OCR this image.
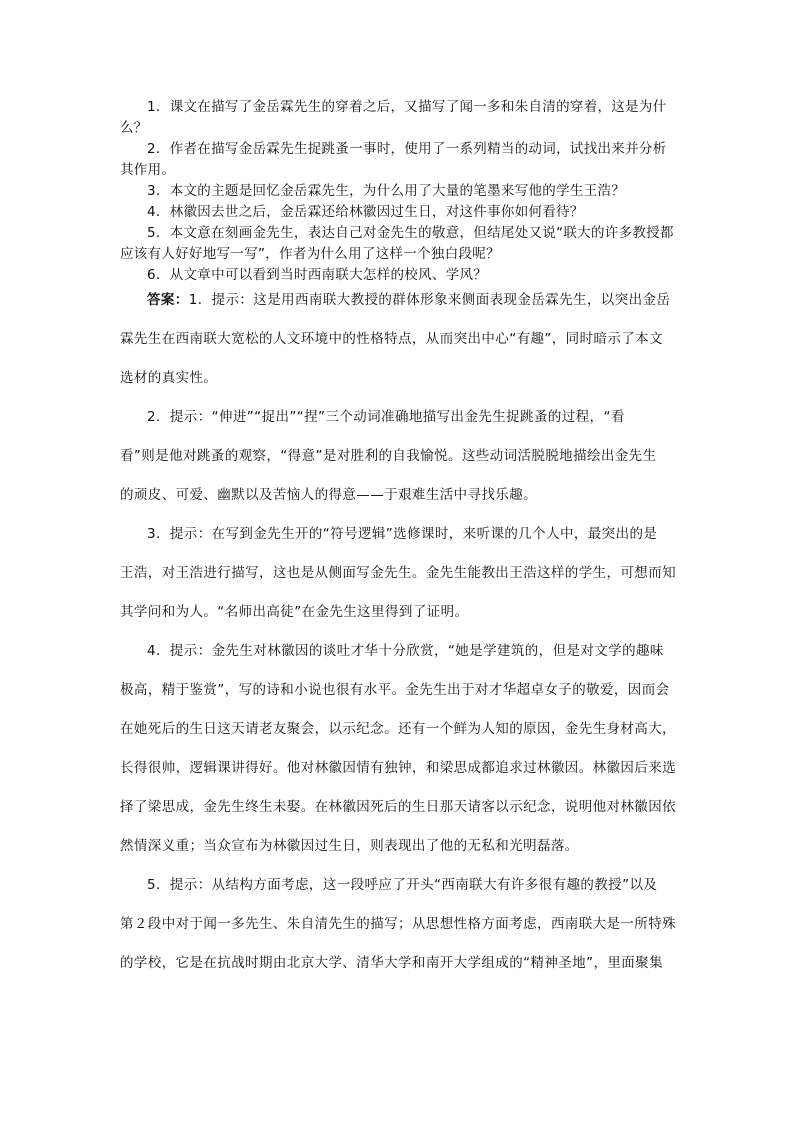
1．课文在描写了金岳霖先生的穿着之后，又描写了闻一多和朱自清的穿着，这是为什么？

2．作者在描写金岳霖先生捉跳蚤一事时，使用了一系列精当的动词，试找出来并分析其作用。

3．本文的主题是回忆金岳霖先生，为什么用了大量的笔墨来写他的学生王浩？

4．林徽因去世之后，金岳霖还给林徽因过生日，对这件事你如何看待？

5．本文意在刻画金先生，表达自己对金先生的敬意，但结尾处又说“联大的许多教授都应该有人好好地写一写”，作者为什么用了这样一个独白段呢？

6．从文章中可以看到当时西南联大怎样的校风、学风？

答案：1．提示：这是用西南联大教授的群体形象来侧面表现金岳霖先生，以突出金岳

霖先生在西南联大宽松的人文环境中的性格特点，从而突出中心“有趣”，同时暗示了本文

选材的真实性。

2．提示：“伸进”“捉出”“捏”三个动词准确地描写出金先生捉跳蚤的过程，“看

看”则是他对跳蚤的观察，“得意”是对胜利的自我愉悦。这些动词活脱脱地描绘出金先生

的顽皮、可爱、幽默以及苦恼人的得意——于艰难生活中寻找乐趣。

3．提示：在写到金先生开的“符号逻辑”选修课时，来听课的几个人中，最突出的是

王浩，对王浩进行描写，这也是从侧面写金先生。金先生能教出王浩这样的学生，可想而知

其学问和为人。“名师出高徒”在金先生这里得到了证明。

4．提示：金先生对林徽因的谈吐才华十分欣赏，“她是学建筑的，但是对文学的趣味

极高，精于鉴赏”，写的诗和小说也很有水平。金先生出于对才华超卓女子的敬爱，因而会

在她死后的生日这天请老友聚会，以示纪念。还有一个鲜为人知的原因，金先生身材高大，

长得很帅，逻辑课讲得好。他对林徽因情有独钟，和梁思成都追求过林徽因。林徽因后来选

择了梁思成，金先生终生未娶。在林徽因死后的生日那天请客以示纪念，说明他对林徽因依

然情深义重；当众宣布为林徽因过生日，则表现出了他的无私和光明磊落。

5．提示：从结构方面考虑，这一段呼应了开头“西南联大有许多很有趣的教授”以及

第２段中对于闻一多先生、朱自清先生的描写；从思想性格方面考虑，西南联大是一所特殊

的学校，它是在抗战时期由北京大学、清华大学和南开大学组成的“精神圣地”，里面聚集
